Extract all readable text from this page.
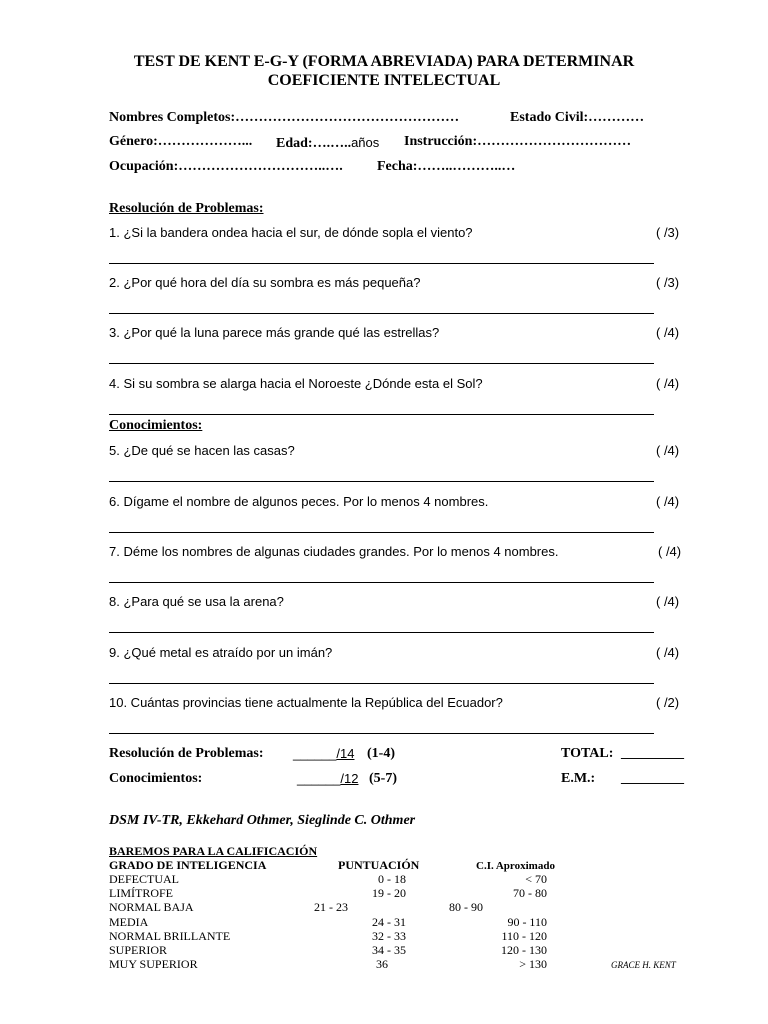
TEST DE KENT E-G-Y (FORMA ABREVIADA) PARA DETERMINAR
COEFICIENTE INTELECTUAL
Nombres Completos:…………………………………………	Estado Civil:…………
Género:………………... Edad:….…..años Instrucción:……………………………
Ocupación:…………………………..…. Fecha:……..………..…
Resolución de Problemas:
1. ¿Si la bandera ondea hacia el sur, de dónde sopla el viento?	( /3)
2. ¿Por qué hora del día su sombra es más pequeña?	( /3)
3. ¿Por qué la luna parece más grande qué las estrellas?	( /4)
4. Si su sombra se alarga hacia el Noroeste ¿Dónde esta el Sol?	( /4)
5. ¿De qué se hacen las casas?	( /4)
6. Dígame el nombre de algunos peces. Por lo menos 4 nombres.	( /4)
7. Déme los nombres de algunas ciudades grandes. Por lo menos 4 nombres.	( /4)
8. ¿Para qué se usa la arena?	( /4)
9. ¿Qué metal es atraído por un imán?	( /4)
10. Cuántas provincias tiene actualmente la República del Ecuador?	( /2)
Conocimientos:
Resolución de Problemas: ______/14 (1-4)	TOTAL: _________
Conocimientos:	______/12 (5-7)	E.M.: _________
DSM IV-TR, Ekkehard Othmer, Sieglinde C. Othmer
BAREMOS PARA LA CALIFICACIÓN
GRADO DE INTELIGENCIA	PUNTUACIÓN	C.I. Aproximado
DEFECTUAL	0 - 18	< 70
LIMÍTROFE	19 - 20	70 - 80
NORMAL BAJA	21 - 23	80 - 90
MEDIA	24 - 31	90 - 110
NORMAL BRILLANTE	32 - 33	110 - 120
SUPERIOR	34 - 35	120 - 130
MUY SUPERIOR	36	> 130	GRACE H. KENT
